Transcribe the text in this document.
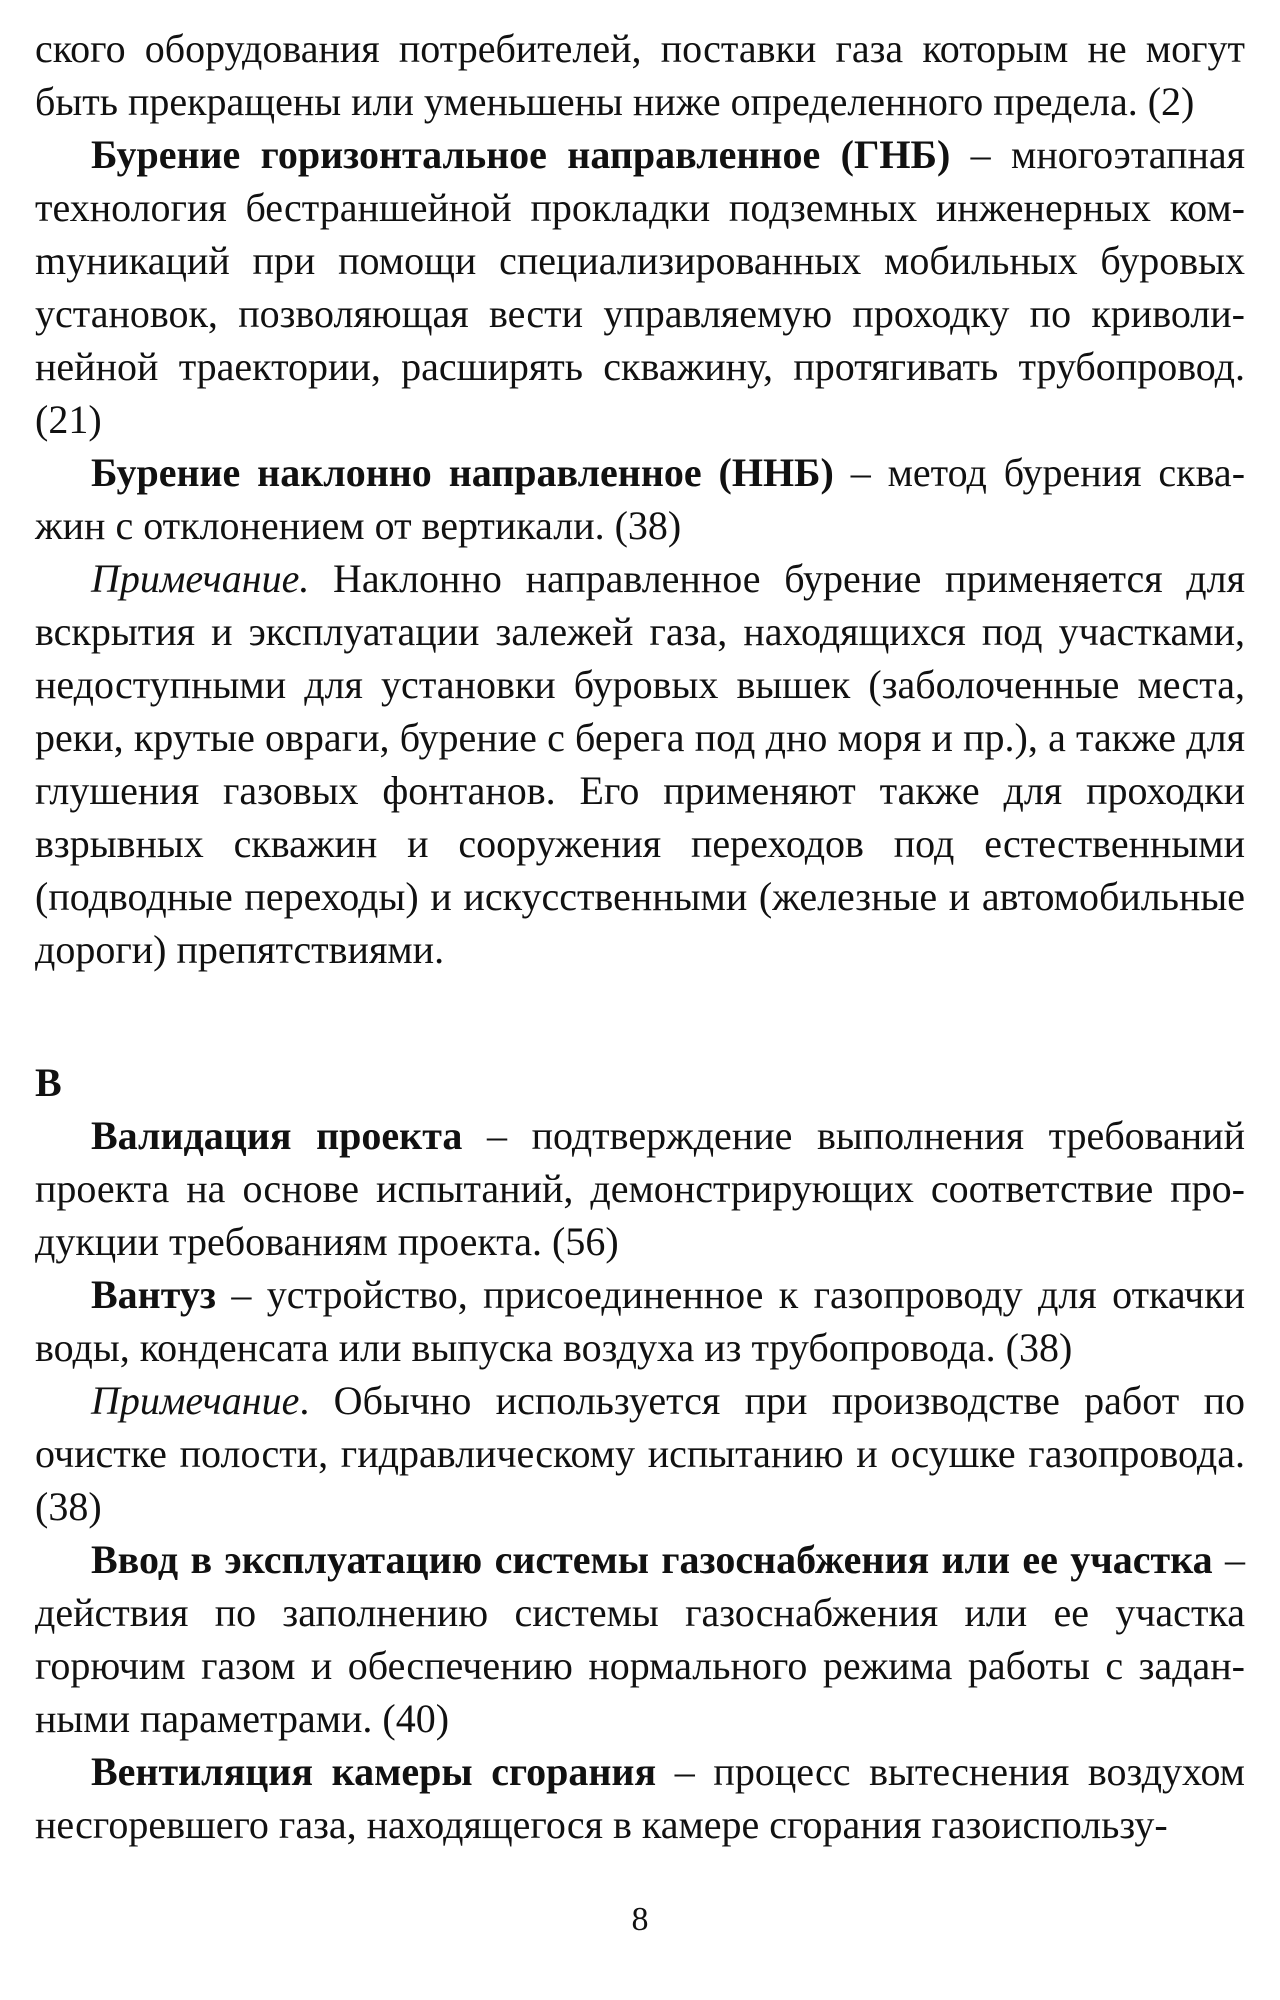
ского оборудования потребителей, поставки газа которым не могут быть прекращены или уменьшены ниже определенного предела. (2)

Бурение горизонтальное направленное (ГНБ) – многоэтапная технология бестраншейной прокладки подземных инженерных комmуникаций при помощи специализированных мобильных буровых установок, позволяющая вести управляемую проходку по криволинейной траектории, расширять скважину, протягивать трубопровод. (21)

Бурение наклонно направленное (ННБ) – метод бурения скважин с отклонением от вертикали. (38)

Примечание. Наклонно направленное бурение применяется для вскрытия и эксплуатации залежей газа, находящихся под участками, недоступными для установки буровых вышек (заболоченные места, реки, крутые овраги, бурение с берега под дно моря и пр.), а также для глушения газовых фонтанов. Его применяют также для проходки взрывных скважин и сооружения переходов под естественными (подводные переходы) и искусственными (железные и автомобильные дороги) препятствиями.

В

Валидация проекта – подтверждение выполнения требований проекта на основе испытаний, демонстрирующих соответствие продукции требованиям проекта. (56)

Вантуз – устройство, присоединенное к газопроводу для откачки воды, конденсата или выпуска воздуха из трубопровода. (38)

Примечание. Обычно используется при производстве работ по очистке полости, гидравлическому испытанию и осушке газопровода. (38)

Ввод в эксплуатацию системы газоснабжения или ее участка – действия по заполнению системы газоснабжения или ее участка горючим газом и обеспечению нормального режима работы с заданными параметрами. (40)

Вентиляция камеры сгорания – процесс вытеснения воздухом несгоревшего газа, находящегося в камере сгорания газоиспользу-

8
